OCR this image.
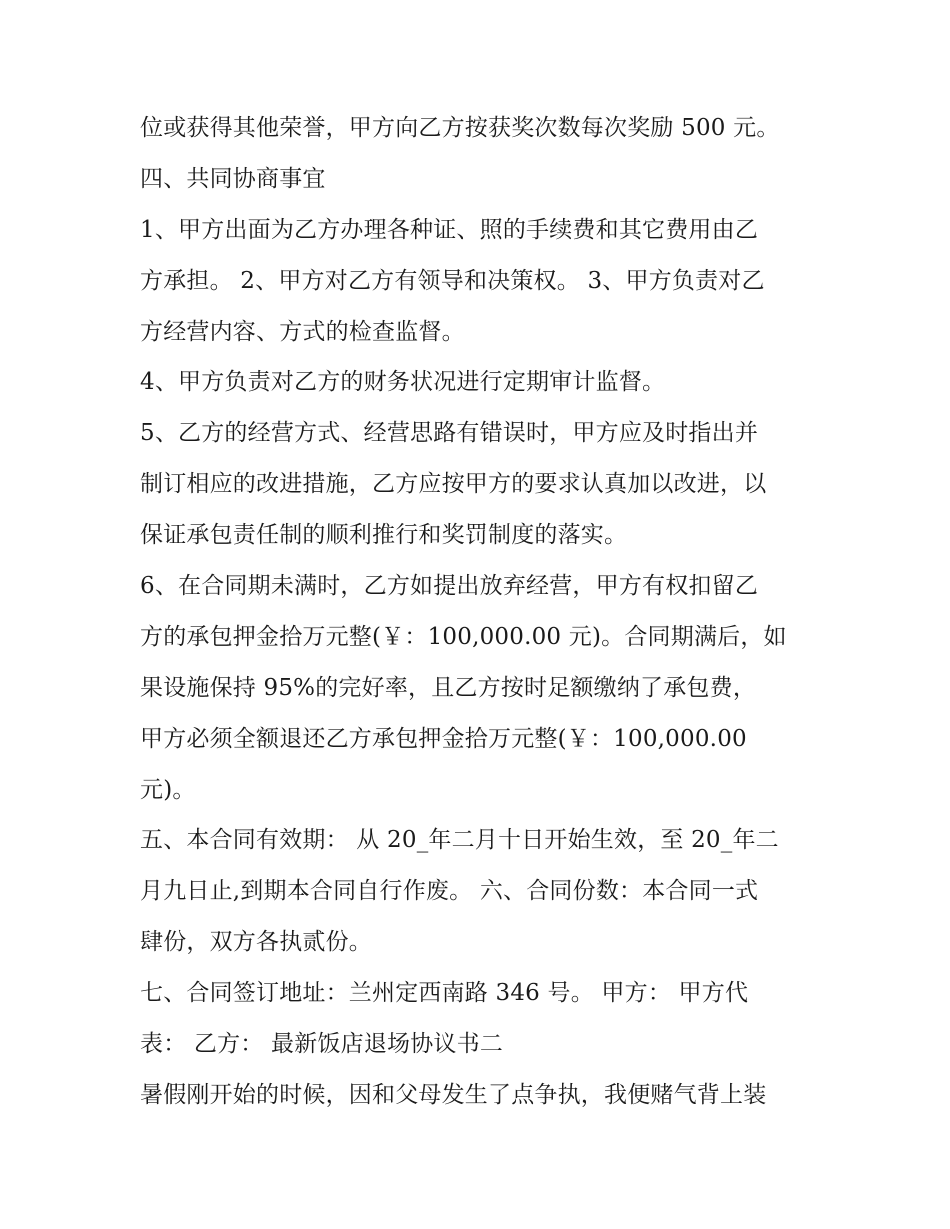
位或获得其他荣誉，甲方向乙方按获奖次数每次奖励 500 元。
四、共同协商事宜
1、甲方出面为乙方办理各种证、照的手续费和其它费用由乙
方承担。 2、甲方对乙方有领导和决策权。 3、甲方负责对乙
方经营内容、方式的检查监督。
4、甲方负责对乙方的财务状况进行定期审计监督。
5、乙方的经营方式、经营思路有错误时，甲方应及时指出并
制订相应的改进措施，乙方应按甲方的要求认真加以改进，以
保证承包责任制的顺利推行和奖罚制度的落实。
6、在合同期未满时，乙方如提出放弃经营，甲方有权扣留乙
方的承包押金拾万元整(￥：100,000.00 元)。合同期满后，如
果设施保持 95%的完好率，且乙方按时足额缴纳了承包费，
甲方必须全额退还乙方承包押金拾万元整(￥：100,000.00
元)。
五、本合同有效期： 从 20_年二月十日开始生效，至 20_年二
月九日止,到期本合同自行作废。 六、合同份数：本合同一式
肆份，双方各执贰份。
七、合同签订地址：兰州定西南路 346 号。 甲方： 甲方代
表： 乙方： 最新饭店退场协议书二
暑假刚开始的时候，因和父母发生了点争执，我便赌气背上装
